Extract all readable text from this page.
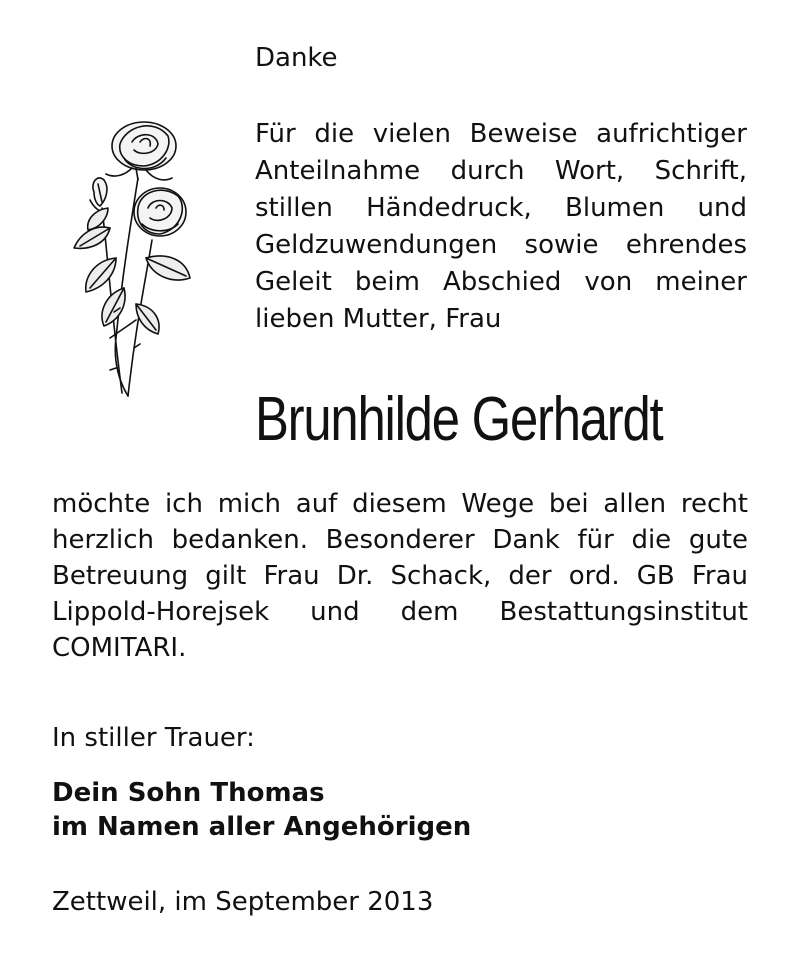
Danke

Für die vielen Beweise aufrichtiger
Anteilnahme durch Wort, Schrift,
stillen Händedruck, Blumen und
Geldzuwendungen sowie ehrendes
Geleit beim Abschied von meiner
lieben Mutter, Frau

Brunhilde Gerhardt

möchte ich mich auf diesem Wege bei allen recht
herzlich bedanken. Besonderer Dank für die gute
Betreuung gilt Frau Dr. Schack, der ord. GB Frau
Lippold-Horejsek und dem Bestattungsinstitut
COMITARI.

In stiller Trauer:

Dein Sohn Thomas
im Namen aller Angehörigen

Zettweil, im September 2013
